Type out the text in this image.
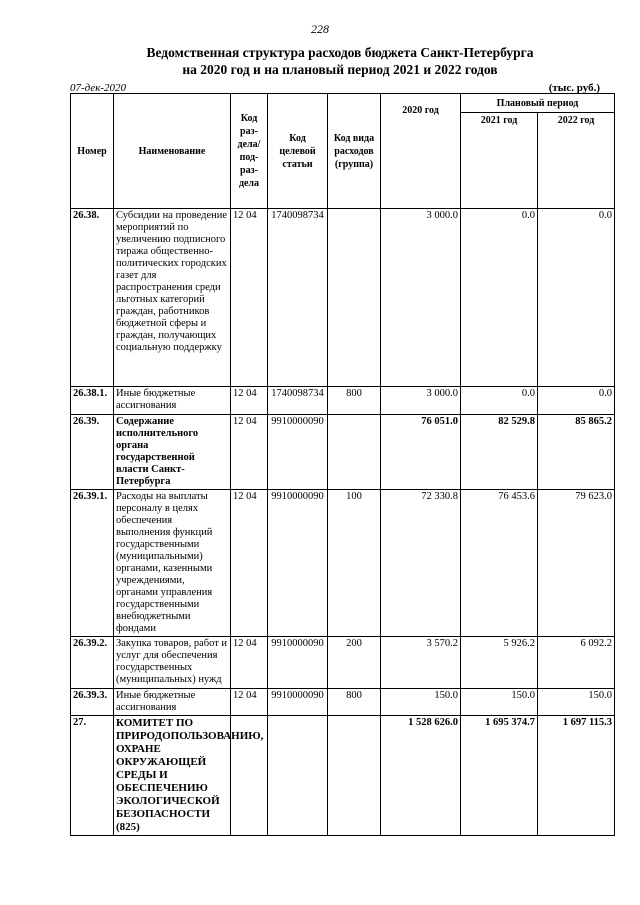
228
Ведомственная структура расходов бюджета Санкт-Петербурга
на 2020 год и на плановый период 2021 и 2022 годов
07-дек-2020	(тыс. руб.)
Номер	Наименование	Код раз-дела/ под-раз-дела	Код целевой статьи	Код вида расходов (группа)	2020 год	Плановый период	
						2021 год	2022 год
26.38.	Субсидии на проведение мероприятий по увеличению подписного тиража общественно-политических городских газет для распространения среди льготных категорий граждан, работников бюджетной сферы и граждан, получающих социальную поддержку	12 04	1740098734		3 000.0	0.0	0.0
26.38.1.	Иные бюджетные ассигнования	12 04	1740098734	800	3 000.0	0.0	0.0
26.39.	Содержание исполнительного органа государственной власти Санкт-Петербурга	12 04	9910000090		76 051.0	82 529.8	85 865.2
26.39.1.	Расходы на выплаты персоналу в целях обеспечения выполнения функций государственными (муниципальными) органами, казенными учреждениями, органами управления государственными внебюджетными фондами	12 04	9910000090	100	72 330.8	76 453.6	79 623.0
26.39.2.	Закупка товаров, работ и услуг для обеспечения государственных (муниципальных) нужд	12 04	9910000090	200	3 570.2	5 926.2	6 092.2
26.39.3.	Иные бюджетные ассигнования	12 04	9910000090	800	150.0	150.0	150.0
27.	КОМИТЕТ ПО ПРИРОДОПОЛЬЗОВАНИЮ, ОХРАНЕ ОКРУЖАЮЩЕЙ СРЕДЫ И ОБЕСПЕЧЕНИЮ ЭКОЛОГИЧЕСКОЙ БЕЗОПАСНОСТИ (825)				1 528 626.0	1 695 374.7	1 697 115.3
